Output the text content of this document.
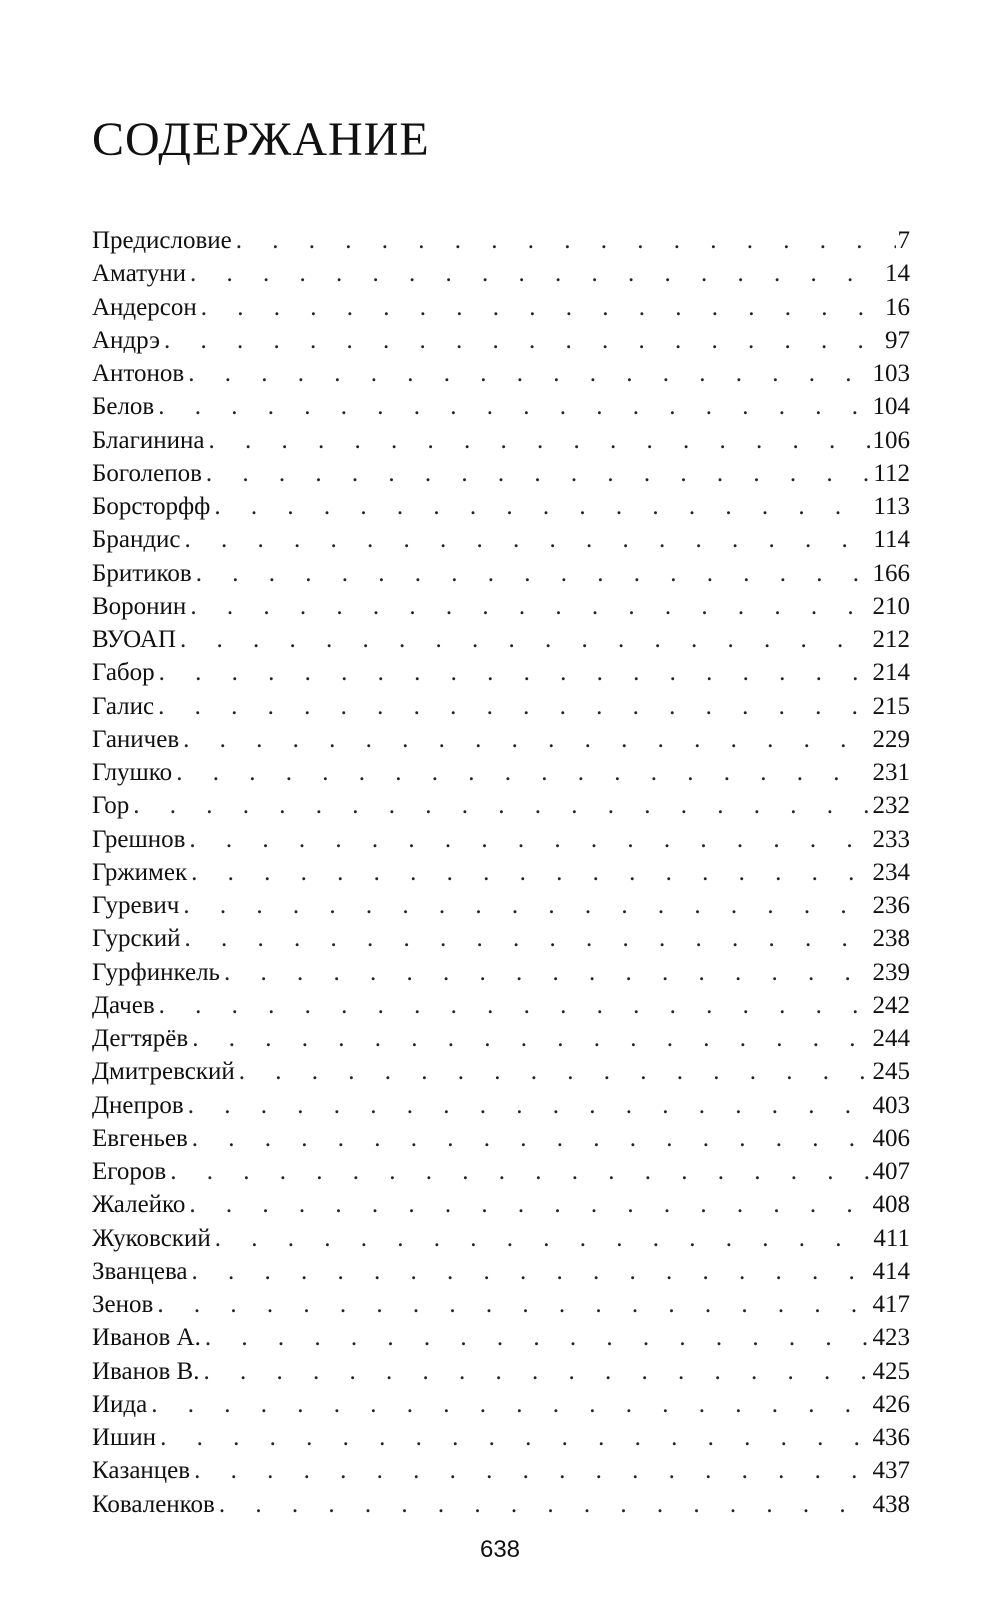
СОДЕРЖАНИЕ
Предисловие . . .	7
Аматуни . . .	14
Андерсон . . .	16
Андрэ . . .	97
Антонов . . .	103
Белов . . .	104
Благинина . . .	106
Боголепов . . .	112
Борсторфф . . .	113
Брандис . . .	114
Бритиков . . .	166
Воронин . . .	210
ВУОАП . . .	212
Габор . . .	214
Галис . . .	215
Ганичев . . .	229
Глушко . . .	231
Гор . . .	232
Грешнов . . .	233
Гржимек . . .	234
Гуревич . . .	236
Гурский . . .	238
Гурфинкель . . .	239
Дачев . . .	242
Дегтярёв . . .	244
Дмитревский . . .	245
Днепров . . .	403
Евгеньев . . .	406
Егоров . . .	407
Жалейко . . .	408
Жуковский . . .	411
Званцева . . .	414
Зенов . . .	417
Иванов А. . . .	423
Иванов В. . . .	425
Иида . . .	426
Ишин . . .	436
Казанцев . . .	437
Коваленков . . .	438
638
